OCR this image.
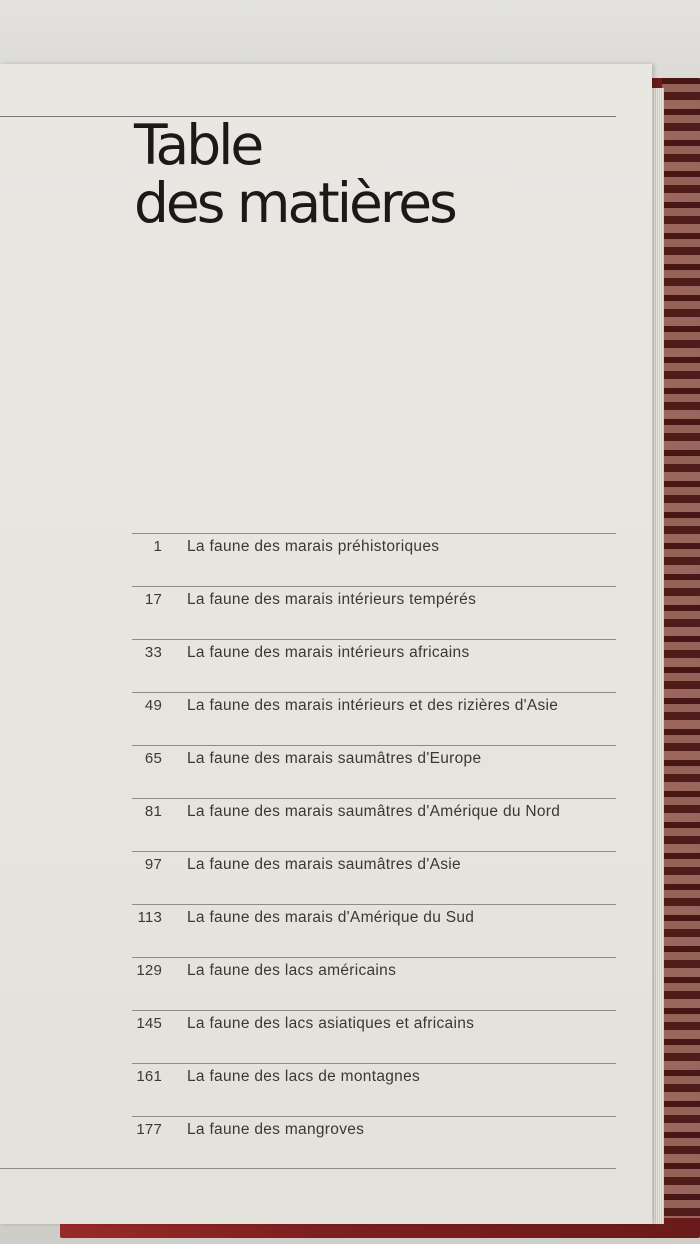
Table
des matières
1 La faune des marais préhistoriques
17 La faune des marais intérieurs tempérés
33 La faune des marais intérieurs africains
49 La faune des marais intérieurs et des rizières d'Asie
65 La faune des marais saumâtres d'Europe
81 La faune des marais saumâtres d'Amérique du Nord
97 La faune des marais saumâtres d'Asie
113 La faune des marais d'Amérique du Sud
129 La faune des lacs américains
145 La faune des lacs asiatiques et africains
161 La faune des lacs de montagnes
177 La faune des mangroves
